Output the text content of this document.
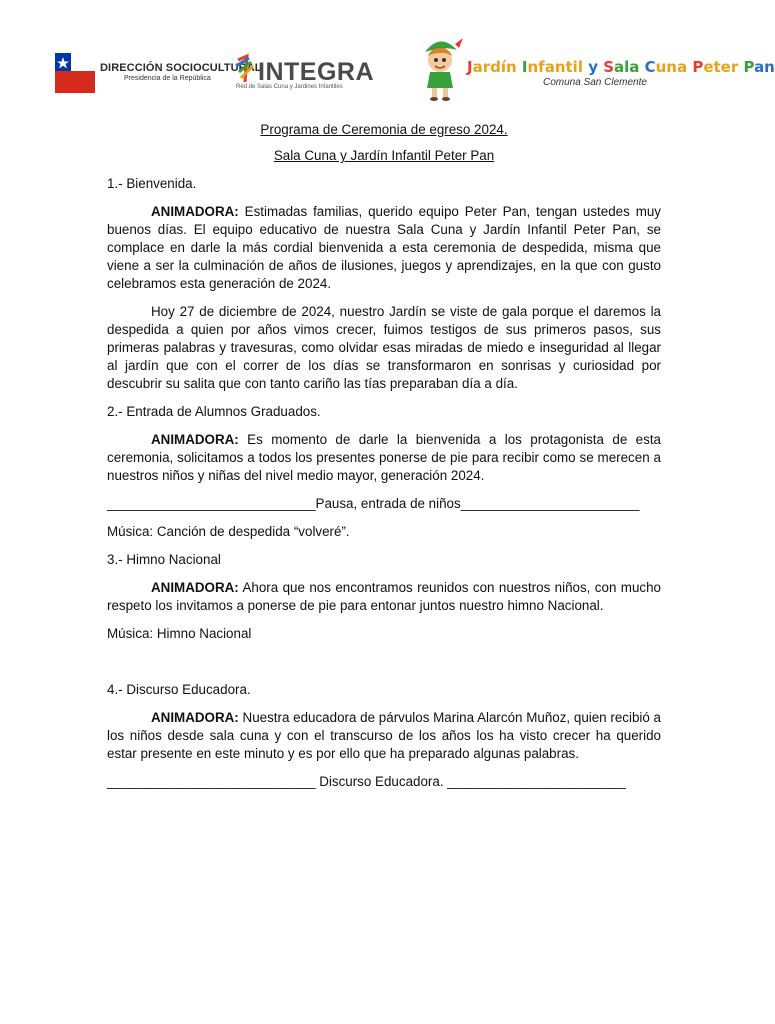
DIRECCIÓN SOCIOCULTURAL
Presidencia de la República	INTEGRA
Red de Salas Cuna y Jardines Infantiles
Jardín Infantil y Sala Cuna Peter Pan
Comuna San Clemente

Programa de Ceremonia de egreso 2024.

Sala Cuna y Jardín Infantil Peter Pan

1.- Bienvenida.

ANIMADORA: Estimadas familias, querido equipo Peter Pan, tengan ustedes muy buenos días. El equipo educativo de nuestra Sala Cuna y Jardín Infantil Peter Pan, se complace en darle la más cordial bienvenida a esta ceremonia de despedida, misma que viene a ser la culminación de años de ilusiones, juegos y aprendizajes, en la que con gusto celebramos esta generación de 2024.

Hoy 27 de diciembre de 2024, nuestro Jardín se viste de gala porque el daremos la despedida a quien por años vimos crecer, fuimos testigos de sus primeros pasos, sus primeras palabras y travesuras, como olvidar esas miradas de miedo e inseguridad al llegar al jardín que con el correr de los días se transformaron en sonrisas y curiosidad por descubrir su salita que con tanto cariño las tías preparaban día a día.

2.- Entrada de Alumnos Graduados.

ANIMADORA: Es momento de darle la bienvenida a los protagonista de esta ceremonia, solicitamos a todos los presentes ponerse de pie para recibir como se merecen a nuestros niños y niñas del nivel medio mayor, generación 2024.

____________________________Pausa, entrada de niños________________________

Música: Canción de despedida “volveré”.

3.- Himno Nacional

ANIMADORA: Ahora que nos encontramos reunidos con nuestros niños, con mucho respeto los invitamos a ponerse de pie para entonar juntos nuestro himno Nacional.

Música: Himno Nacional

4.- Discurso Educadora.

ANIMADORA: Nuestra educadora de párvulos Marina Alarcón Muñoz, quien recibió a los niños desde sala cuna y con el transcurso de los años los ha visto crecer ha querido estar presente en este minuto y es por ello que ha preparado algunas palabras.

____________________________ Discurso Educadora. ________________________
